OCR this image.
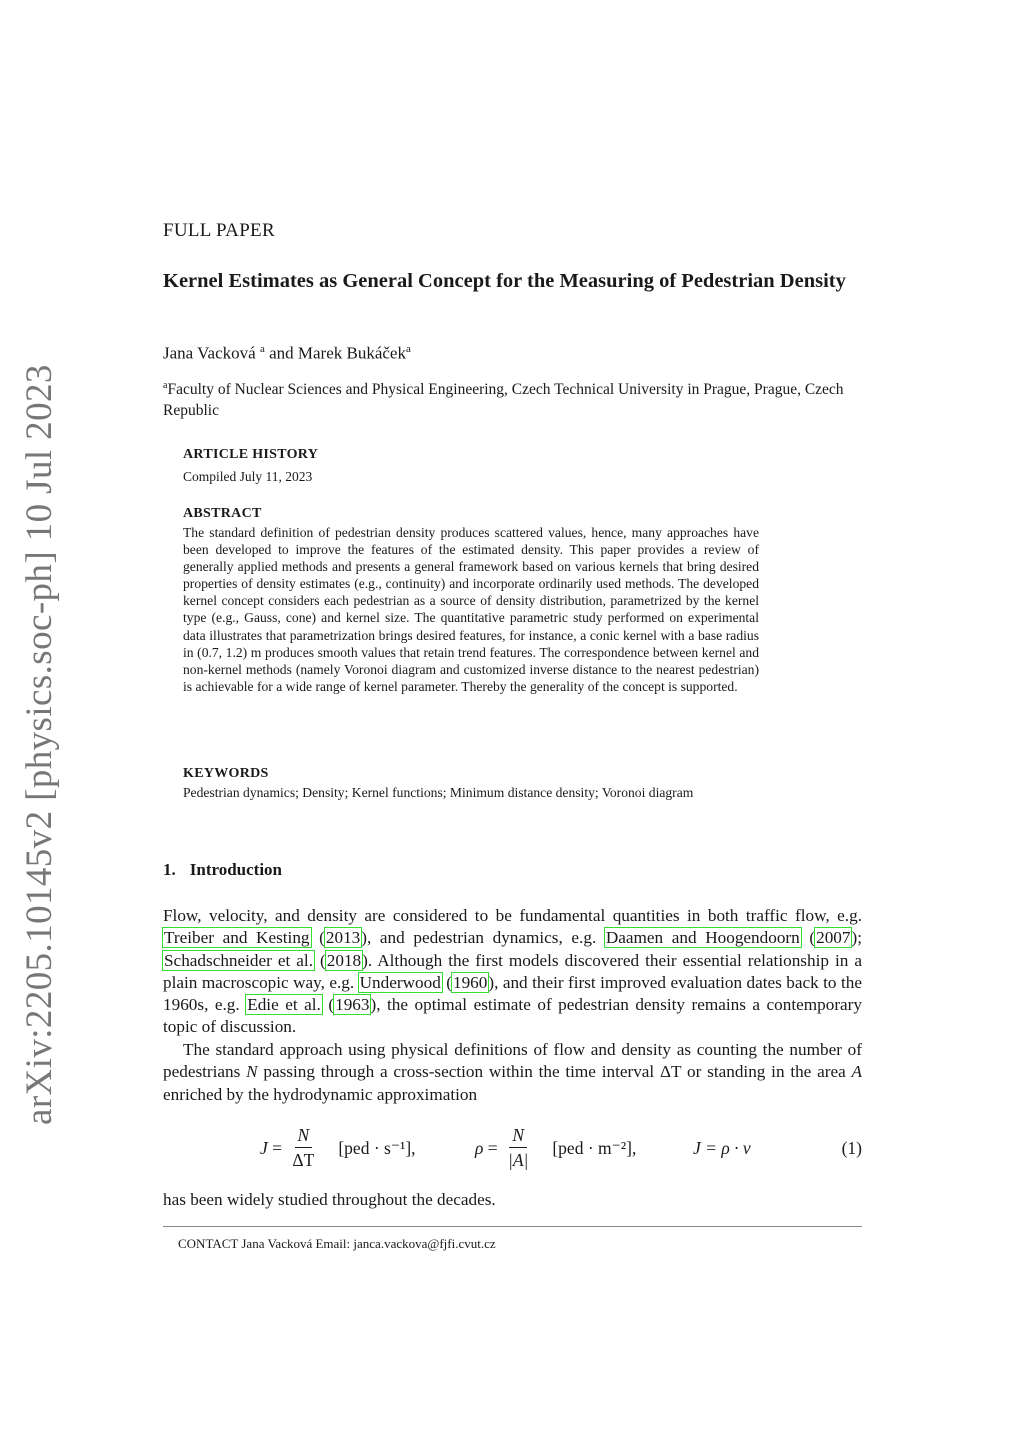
arXiv:2205.10145v2 [physics.soc-ph] 10 Jul 2023
FULL PAPER
Kernel Estimates as General Concept for the Measuring of Pedestrian Density
Jana Vacková $^a$ and Marek Bukáček$^a$
$^a$Faculty of Nuclear Sciences and Physical Engineering, Czech Technical University in Prague, Prague, Czech Republic
ARTICLE HISTORY
Compiled July 11, 2023
ABSTRACT
The standard definition of pedestrian density produces scattered values, hence, many approaches have been developed to improve the features of the estimated density. This paper provides a review of generally applied methods and presents a general framework based on various kernels that bring desired properties of density estimates (e.g., continuity) and incorporate ordinarily used methods. The developed kernel concept considers each pedestrian as a source of density distribution, parametrized by the kernel type (e.g., Gauss, cone) and kernel size. The quantitative parametric study performed on experimental data illustrates that parametrization brings desired features, for instance, a conic kernel with a base radius in (0.7, 1.2) m produces smooth values that retain trend features. The correspondence between kernel and non-kernel methods (namely Voronoi diagram and customized inverse distance to the nearest pedestrian) is achievable for a wide range of kernel parameter. Thereby the generality of the concept is supported.
KEYWORDS
Pedestrian dynamics; Density; Kernel functions; Minimum distance density; Voronoi diagram
1. Introduction
Flow, velocity, and density are considered to be fundamental quantities in both traffic flow, e.g. Treiber and Kesting (2013), and pedestrian dynamics, e.g. Daamen and Hoogendoorn (2007); Schadschneider et al. (2018). Although the first models discovered their essential relationship in a plain macroscopic way, e.g. Underwood (1960), and their first improved evaluation dates back to the 1960s, e.g. Edie et al. (1963), the optimal estimate of pedestrian density remains a contemporary topic of discussion.
The standard approach using physical definitions of flow and density as counting the number of pedestrians N passing through a cross-section within the time interval ΔT or standing in the area A enriched by the hydrodynamic approximation
$J = \frac{N}{\Delta T} [ped \cdot s^{-1}]$,	$\rho = \frac{N}{|A|} [ped \cdot m^{-2}]$,	J = ρ · v	(1)
has been widely studied throughout the decades.
CONTACT Jana Vacková Email: janca.vackova@fjfi.cvut.cz
